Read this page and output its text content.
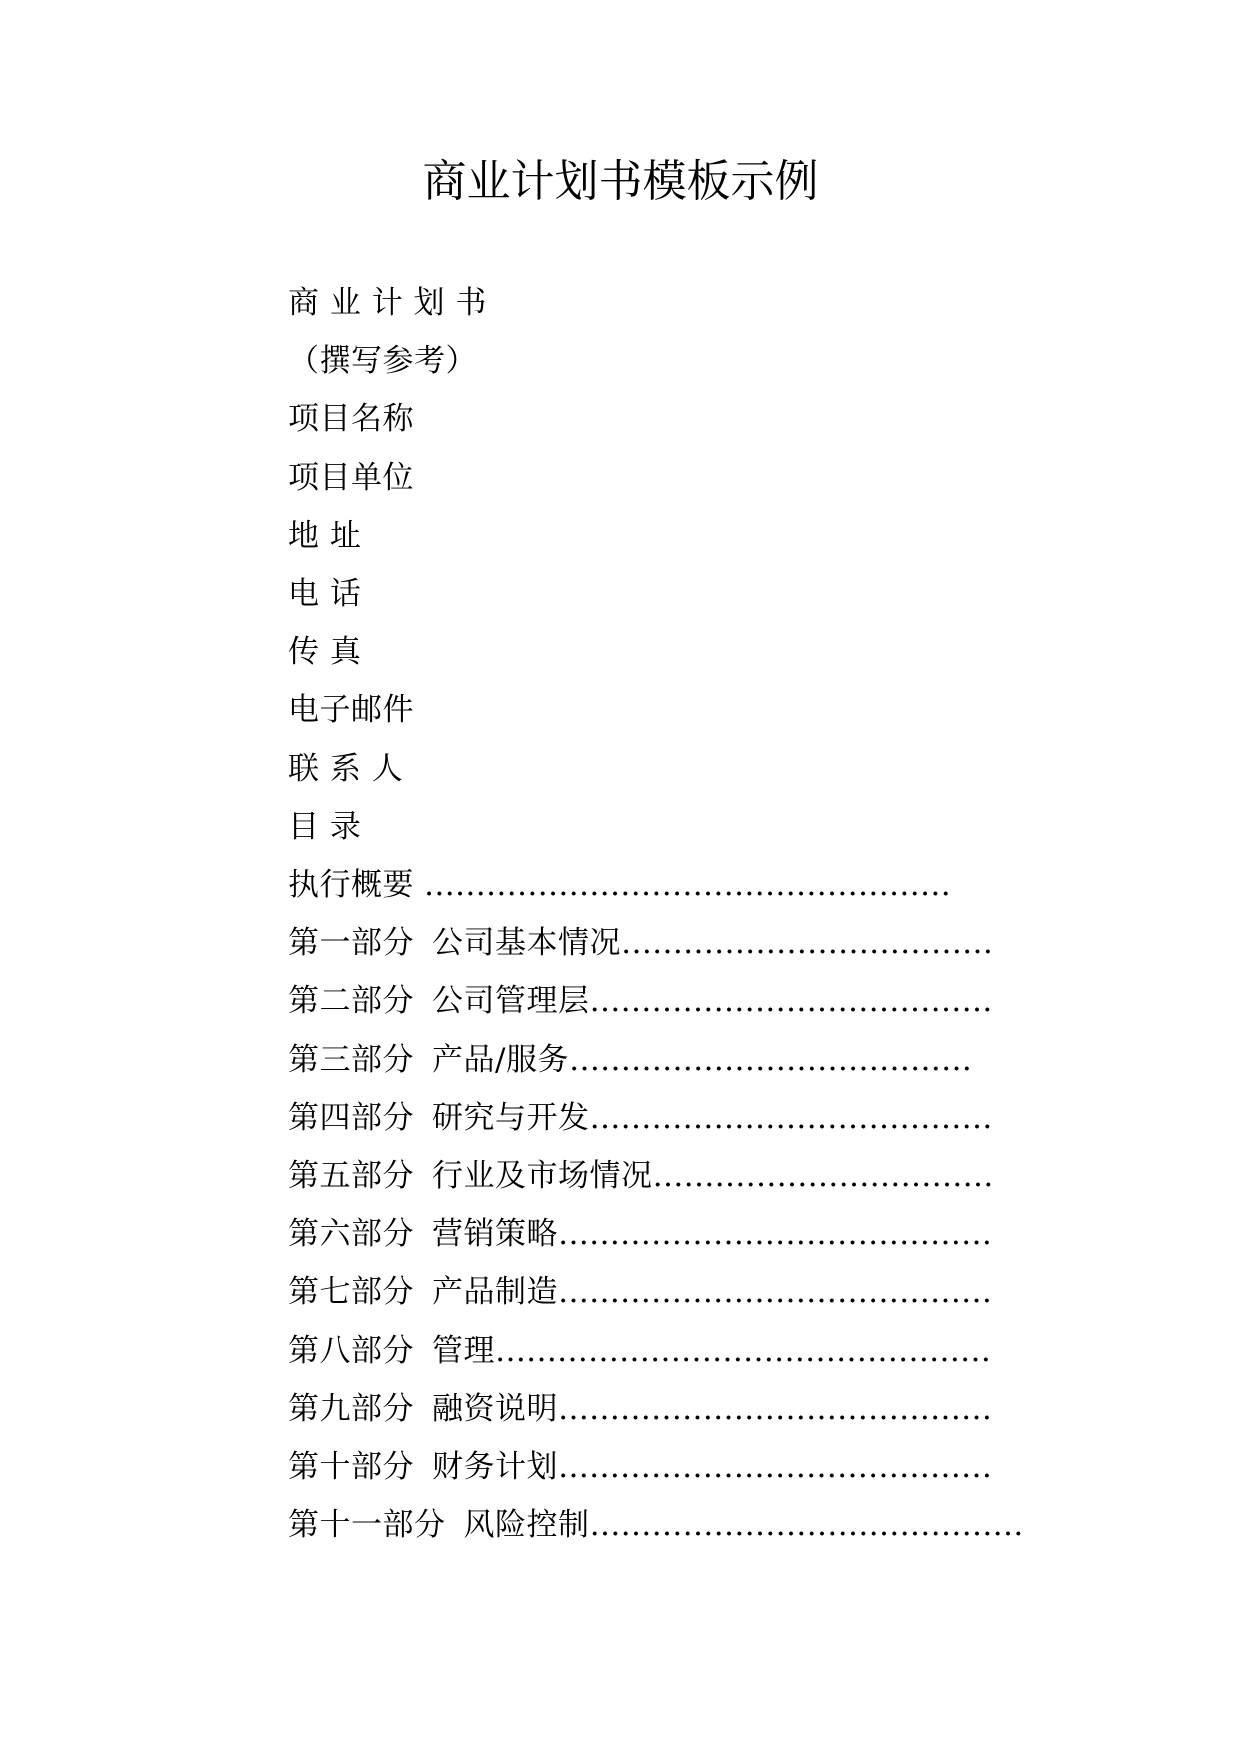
商业计划书模板示例
商 业 计 划 书
（撰写参考）
项目名称
项目单位
地 址
电 话
传 真
电子邮件
联 系 人
目 录
执行概要 ……………………………………………
第一部分 公司基本情况………………………………
第二部分 公司管理层…………………………………
第三部分 产品/服务…………………………………
第四部分 研究与开发…………………………………
第五部分 行业及市场情况……………………………
第六部分 营销策略……………………………………
第七部分 产品制造……………………………………
第八部分 管理…………………………………………
第九部分 融资说明……………………………………
第十部分 财务计划……………………………………
第十一部分 风险控制……………………………………
